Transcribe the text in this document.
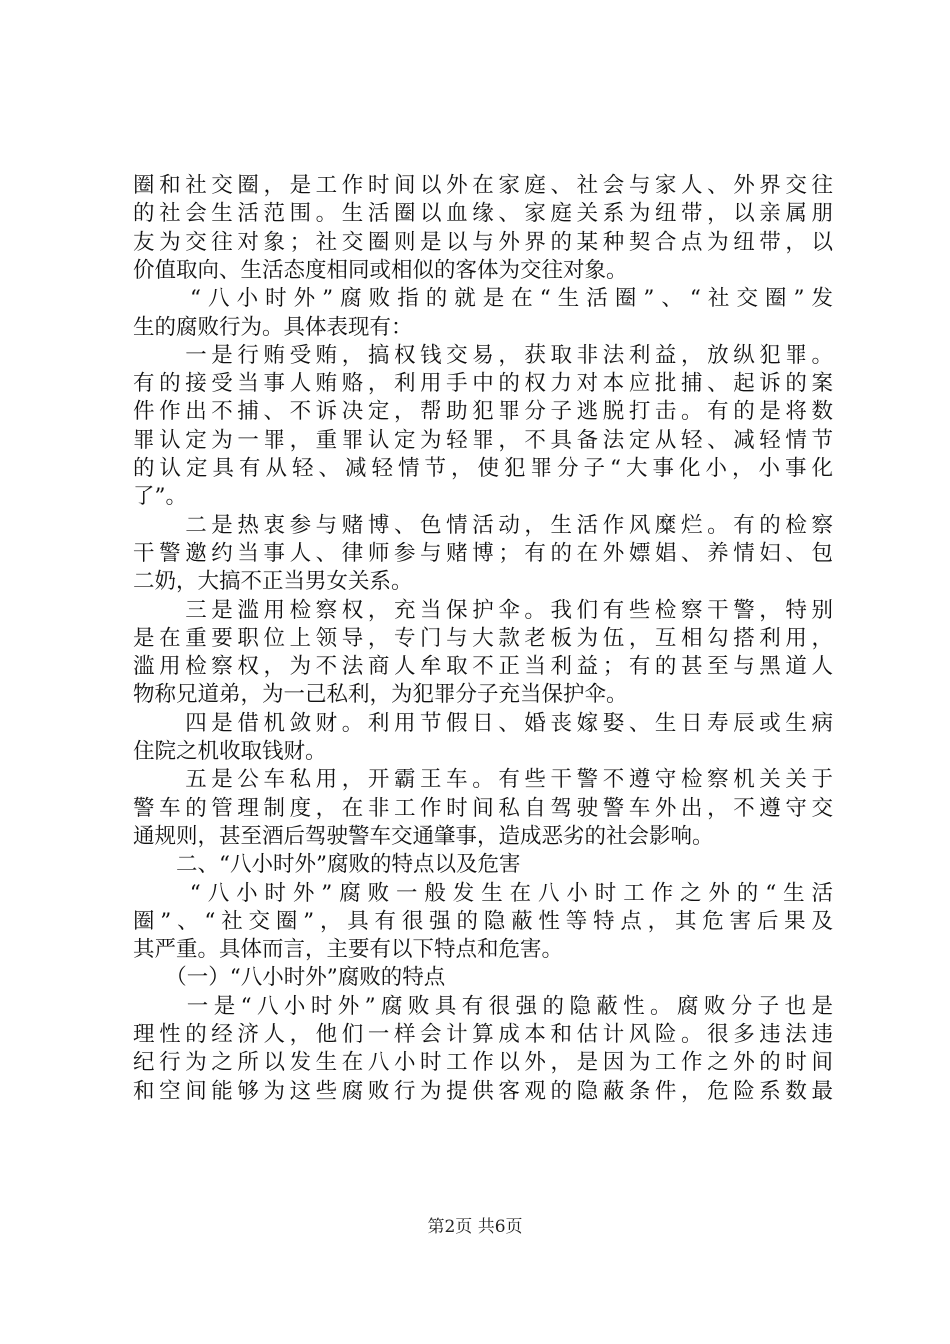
圈和社交圈，是工作时间以外在家庭、社会与家人、外界交往
的社会生活范围。生活圈以血缘、家庭关系为纽带，以亲属朋
友为交往对象；社交圈则是以与外界的某种契合点为纽带，以
价值取向、生活态度相同或相似的客体为交往对象。
　　“八小时外”腐败指的就是在“生活圈”、“社交圈”发
生的腐败行为。具体表现有：
　　一是行贿受贿，搞权钱交易，获取非法利益，放纵犯罪。
有的接受当事人贿赂，利用手中的权力对本应批捕、起诉的案
件作出不捕、不诉决定，帮助犯罪分子逃脱打击。有的是将数
罪认定为一罪，重罪认定为轻罪，不具备法定从轻、减轻情节
的认定具有从轻、减轻情节，使犯罪分子“大事化小，小事化
了”。
　　二是热衷参与赌博、色情活动，生活作风糜烂。有的检察
干警邀约当事人、律师参与赌博；有的在外嫖娼、养情妇、包
二奶，大搞不正当男女关系。
　　三是滥用检察权，充当保护伞。我们有些检察干警，特别
是在重要职位上领导，专门与大款老板为伍，互相勾搭利用，
滥用检察权，为不法商人牟取不正当利益；有的甚至与黑道人
物称兄道弟，为一己私利，为犯罪分子充当保护伞。
　　四是借机敛财。利用节假日、婚丧嫁娶、生日寿辰或生病
住院之机收取钱财。
　　五是公车私用，开霸王车。有些干警不遵守检察机关关于
警车的管理制度，在非工作时间私自驾驶警车外出，不遵守交
通规则，甚至酒后驾驶警车交通肇事，造成恶劣的社会影响。
　　二、“八小时外”腐败的特点以及危害
　　“八小时外”腐败一般发生在八小时工作之外的“生活
圈”、“社交圈”，具有很强的隐蔽性等特点，其危害后果及
其严重。具体而言，主要有以下特点和危害。
　　（一）“八小时外”腐败的特点
　　一是“八小时外”腐败具有很强的隐蔽性。腐败分子也是
理性的经济人，他们一样会计算成本和估计风险。很多违法违
纪行为之所以发生在八小时工作以外，是因为工作之外的时间
和空间能够为这些腐败行为提供客观的隐蔽条件，危险系数最
第2页 共6页
